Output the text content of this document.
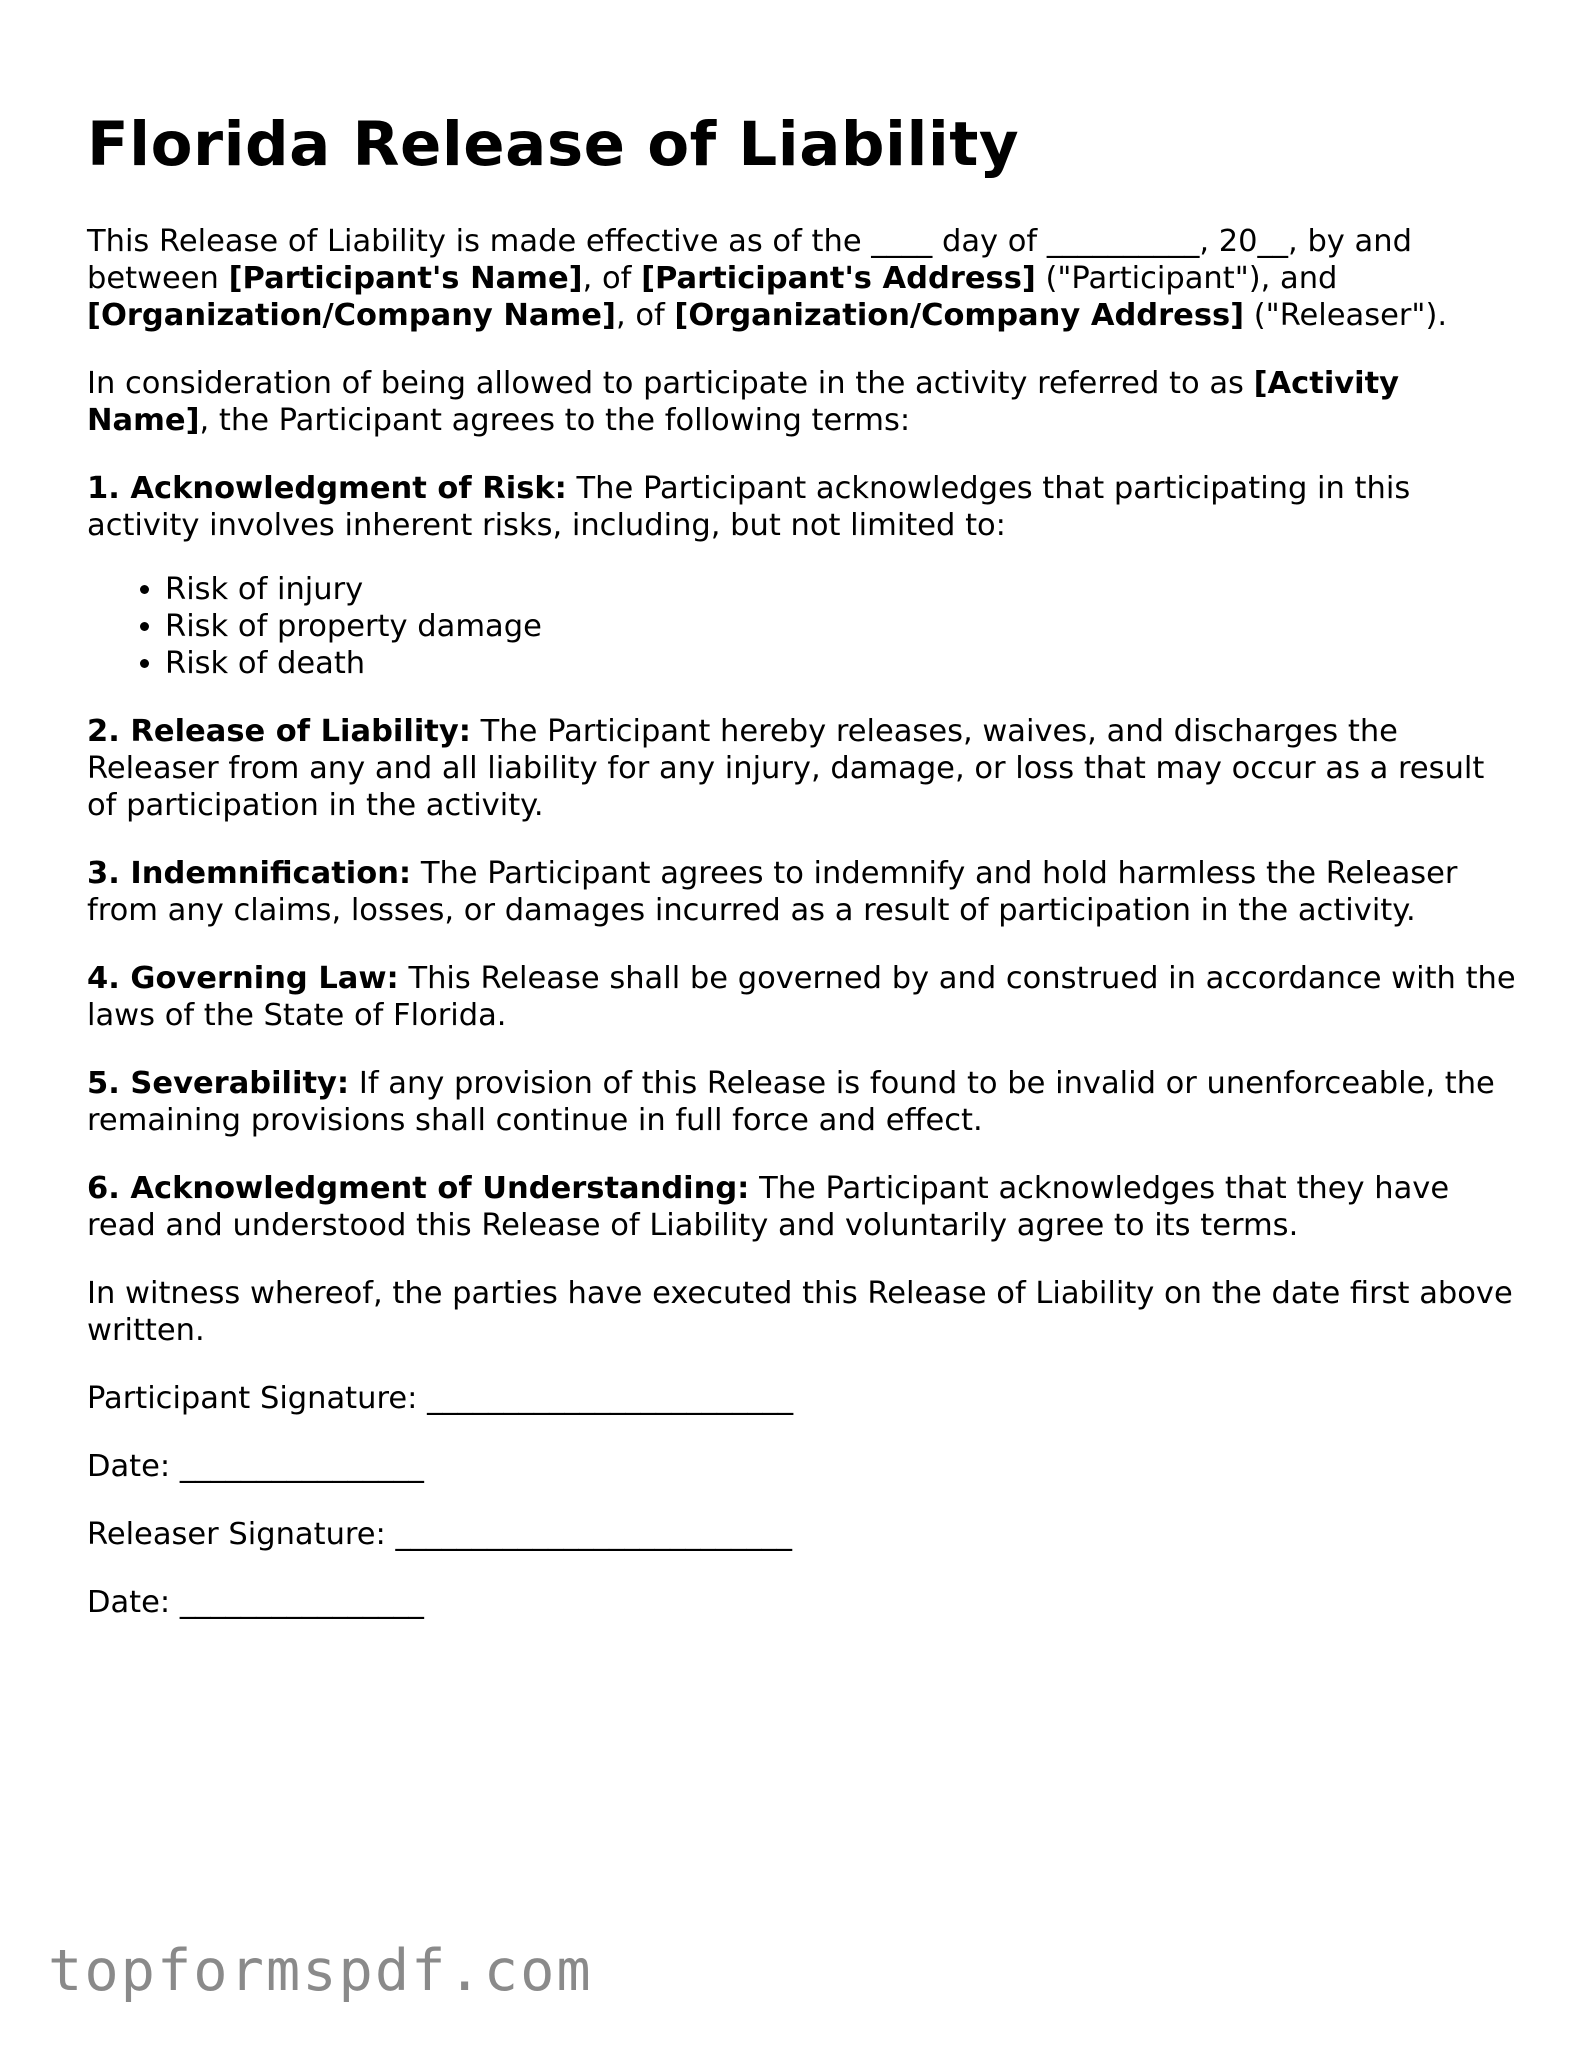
Florida Release of Liability

This Release of Liability is made effective as of the ____ day of __________, 20__, by and between [Participant's Name], of [Participant's Address] ("Participant"), and [Organization/Company Name], of [Organization/Company Address] ("Releaser").

In consideration of being allowed to participate in the activity referred to as [Activity Name], the Participant agrees to the following terms:

1. Acknowledgment of Risk: The Participant acknowledges that participating in this activity involves inherent risks, including, but not limited to:

• Risk of injury
• Risk of property damage
• Risk of death

2. Release of Liability: The Participant hereby releases, waives, and discharges the Releaser from any and all liability for any injury, damage, or loss that may occur as a result of participation in the activity.

3. Indemnification: The Participant agrees to indemnify and hold harmless the Releaser from any claims, losses, or damages incurred as a result of participation in the activity.

4. Governing Law: This Release shall be governed by and construed in accordance with the laws of the State of Florida.

5. Severability: If any provision of this Release is found to be invalid or unenforceable, the remaining provisions shall continue in full force and effect.

6. Acknowledgment of Understanding: The Participant acknowledges that they have read and understood this Release of Liability and voluntarily agree to its terms.

In witness whereof, the parties have executed this Release of Liability on the date first above written.

Participant Signature: ________________________

Date: ________________

Releaser Signature: __________________________

Date: ________________

topformspdf.com
